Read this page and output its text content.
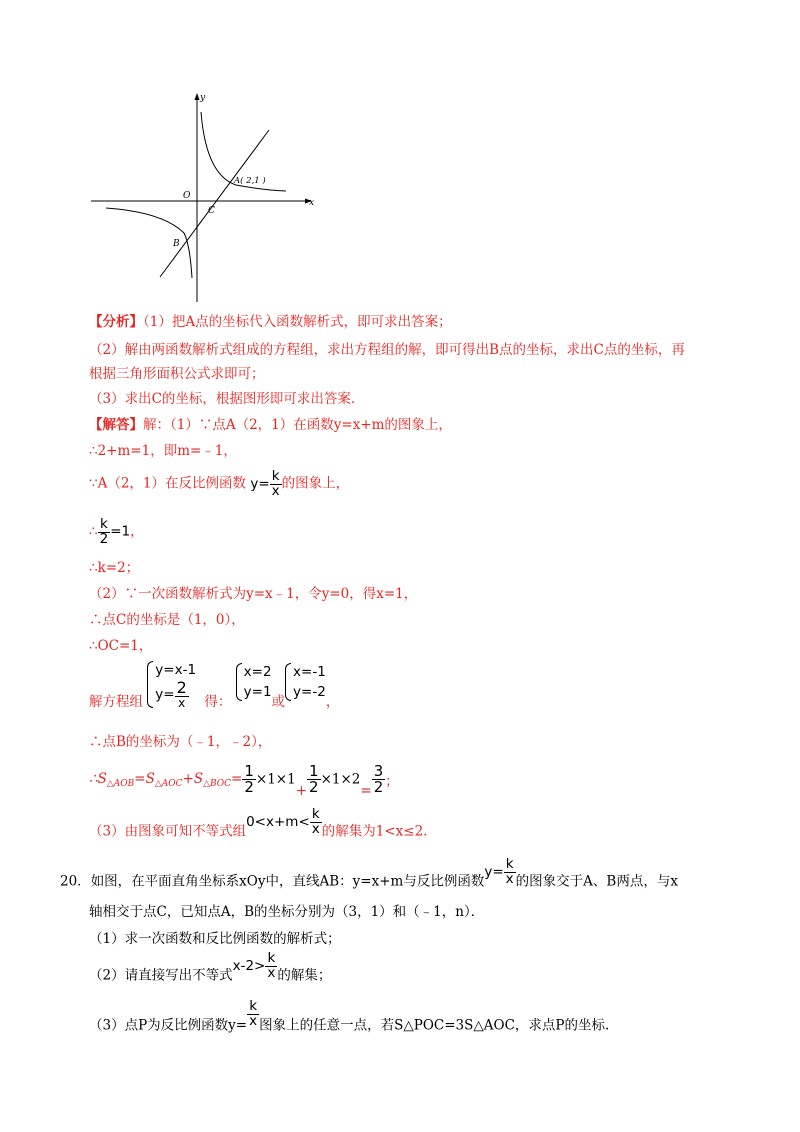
y
x
O
A( 2,1 )
B
C
【分析】（1）把A点的坐标代入函数解析式，即可求出答案；
（2）解由两函数解析式组成的方程组，求出方程组的解，即可得出B点的坐标，求出C点的坐标，再
根据三角形面积公式求即可；
（3）求出C的坐标，根据图形即可求出答案．
【解答】解：（1）∵点A（2，1）在函数y=x+m的图象上，
∴2+m=1，即m=﹣1，
∵A（2，1）在反比例函数 $y= \frac{k}{x}$ 的图象上，
∴ $\frac{k}{2} =1$，
∴k=2；
（2）∵一次函数解析式为y=x﹣1，令y=0，得x=1，
∴点C的坐标是（1，0），
∴OC=1，
解方程组
y=x-1
$y= \frac{2}{x}$ 得：
x=2
y=1
或
x=-1
y=-2
，
∴点B的坐标为（﹣1，﹣2），
$\therefore S_{\triangle AOB}=S_{\triangle AOC}+S_{\triangle BOC}= \frac{1}{2} \times 1\times 1+ \frac{1}{2} \times 1\times 2= \frac{3}{2}$ ；
（3）由图象可知不等式组$0<x+m< \frac{k}{x}$ 的解集为1<x≤2.
20．如图，在平面直角坐标系xOy中，直线AB：y=x+m与反比例函数$y= \frac{k}{x}$ 的图象交于A、B两点，与x
轴相交于点C，已知点A，B的坐标分别为（3，1）和（﹣1，n）．
（1）求一次函数和反比例函数的解析式；
（2）请直接写出不等式$x-2> \frac{k}{x}$ 的解集；
（3）点P为反比例函数$y= \frac{k}{x}$ 图象上的任意一点，若S△POC=3S△AOC，求点P的坐标.
